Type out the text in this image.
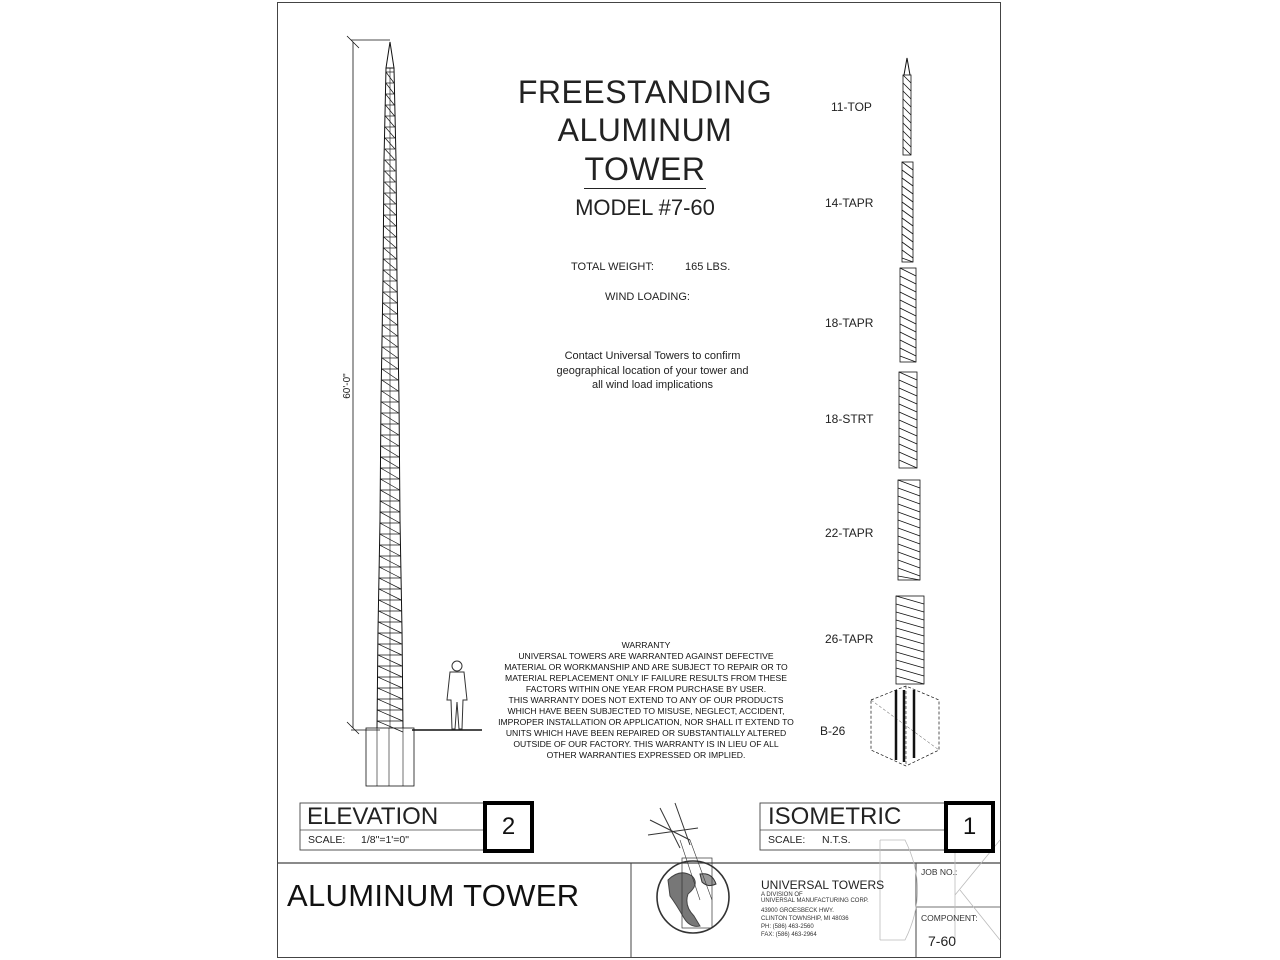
FREESTANDING
ALUMINUM
TOWER
MODEL #7-60
TOTAL WEIGHT:	165 LBS.
WIND LOADING:
Contact Universal Towers to confirm
geographical location of your tower and
all wind load implications
60'-0"
WARRANTY
UNIVERSAL TOWERS ARE WARRANTED AGAINST DEFECTIVE
MATERIAL OR WORKMANSHIP AND ARE SUBJECT TO REPAIR OR TO
MATERIAL REPLACEMENT ONLY IF FAILURE RESULTS FROM THESE
FACTORS WITHIN ONE YEAR FROM PURCHASE BY USER.
THIS WARRANTY DOES NOT EXTEND TO ANY OF OUR PRODUCTS
WHICH HAVE BEEN SUBJECTED TO MISUSE, NEGLECT, ACCIDENT,
IMPROPER INSTALLATION OR APPLICATION, NOR SHALL IT EXTEND TO
UNITS WHICH HAVE BEEN REPAIRED OR SUBSTANTIALLY ALTERED
OUTSIDE OF OUR FACTORY. THIS WARRANTY IS IN LIEU OF ALL
OTHER WARRANTIES EXPRESSED OR IMPLIED.
11-TOP
14-TAPR
18-TAPR
18-STRT
22-TAPR
26-TAPR
B-26
ELEVATION
SCALE: 1/8"=1'=0"	2	ISOMETRIC
SCALE: N.T.S.	1
ALUMINUM TOWER	UNIVERSAL TOWERS
A DIVISION OF
UNIVERSAL MANUFACTURING CORP.
43900 GROESBECK HWY.
CLINTON TOWNSHIP, MI 48036
PH: (586) 463-2560
FAX: (586) 463-2964
JOB NO.:
COMPONENT:
7-60
